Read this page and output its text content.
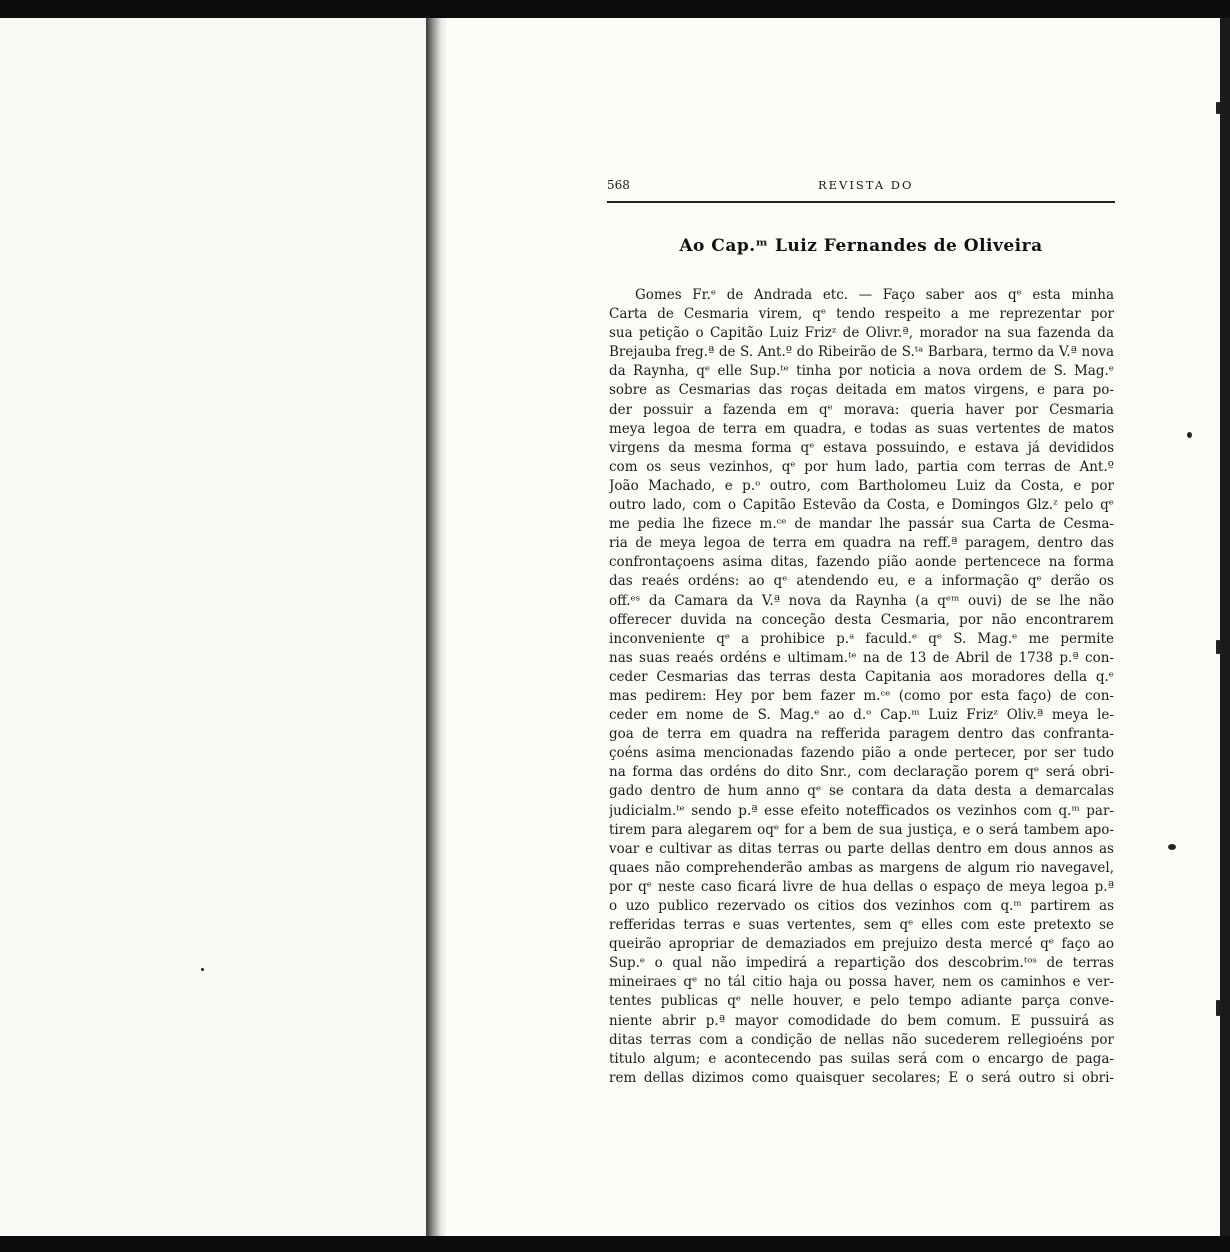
568	REVISTA DO
Ao Cap.ᵐ Luiz Fernandes de Oliveira
Gomes Fr.ᵉ de Andrada etc. — Faço saber aos qᵉ esta minha
Carta de Cesmaria virem, qᵉ tendo respeito a me reprezentar por
sua petição o Capitão Luiz Frizᶻ de Olivr.ª, morador na sua fazenda da
Brejauba freg.ª de S. Ant.º do Ribeirão de S.ᵗᵃ Barbara, termo da V.ª nova
da Raynha, qᵉ elle Sup.ᵗᵉ tinha por noticia a nova ordem de S. Mag.ᵉ
sobre as Cesmarias das roças deitada em matos virgens, e para po-
der possuir a fazenda em qᵉ morava: queria haver por Cesmaria
meya legoa de terra em quadra, e todas as suas vertentes de matos
virgens da mesma forma qᵉ estava possuindo, e estava já devididos
com os seus vezinhos, qᵉ por hum lado, partia com terras de Ant.º
João Machado, e p.ᵒ outro, com Bartholomeu Luiz da Costa, e por
outro lado, com o Capitão Estevão da Costa, e Domingos Glz.ᶻ pelo qᵉ
me pedia lhe fizece m.ᶜᵉ de mandar lhe passár sua Carta de Cesma-
ria de meya legoa de terra em quadra na reff.ª paragem, dentro das
confrontaçoens asima ditas, fazendo pião aonde pertencece na forma
das reaés ordéns: ao qᵉ atendendo eu, e a informação qᵉ derão os
off.ᵉˢ da Camara da V.ª nova da Raynha (a qᵉᵐ ouvi) de se lhe não
offerecer duvida na conceção desta Cesmaria, por não encontrarem
inconveniente qᵉ a prohibice p.ᵃ faculd.ᵉ qᵉ S. Mag.ᵉ me permite
nas suas reaés ordéns e ultimam.ᵗᵉ na de 13 de Abril de 1738 p.ª con-
ceder Cesmarias das terras desta Capitania aos moradores della q.ᵉ
mas pedirem: Hey por bem fazer m.ᶜᵉ (como por esta faço) de con-
ceder em nome de S. Mag.ᵉ ao d.ᵒ Cap.ᵐ Luiz Frizᶻ Oliv.ª meya le-
goa de terra em quadra na refferida paragem dentro das confranta-
çoéns asima mencionadas fazendo pião a onde pertecer, por ser tudo
na forma das ordéns do dito Snr., com declaração porem qᵉ será obri-
gado dentro de hum anno qᵉ se contara da data desta a demarcalas
judicialm.ᵗᵉ sendo p.ª esse efeito notefficados os vezinhos com q.ᵐ par-
tirem para alegarem oqᵉ for a bem de sua justiça, e o será tambem apo-
voar e cultivar as ditas terras ou parte dellas dentro em dous annos as
quaes não comprehenderão ambas as margens de algum rio navegavel,
por qᵉ neste caso ficará livre de hua dellas o espaço de meya legoa p.ª
o uzo publico rezervado os citios dos vezinhos com q.ᵐ partirem as
refferidas terras e suas vertentes, sem qᵉ elles com este pretexto se
queirão apropriar de demaziados em prejuizo desta mercé qᵉ faço ao
Sup.ᵉ o qual não impedirá a repartição dos descobrim.ᵗᵒˢ de terras
mineiraes qᵉ no tál citio haja ou possa haver, nem os caminhos e ver-
tentes publicas qᵉ nelle houver, e pelo tempo adiante parça conve-
niente abrir p.ª mayor comodidade do bem comum. E pussuirá as
ditas terras com a condição de nellas não sucederem rellegioéns por
titulo algum; e acontecendo pas suilas será com o encargo de paga-
rem dellas dizimos como quaisquer secolares; E o será outro si obri-
